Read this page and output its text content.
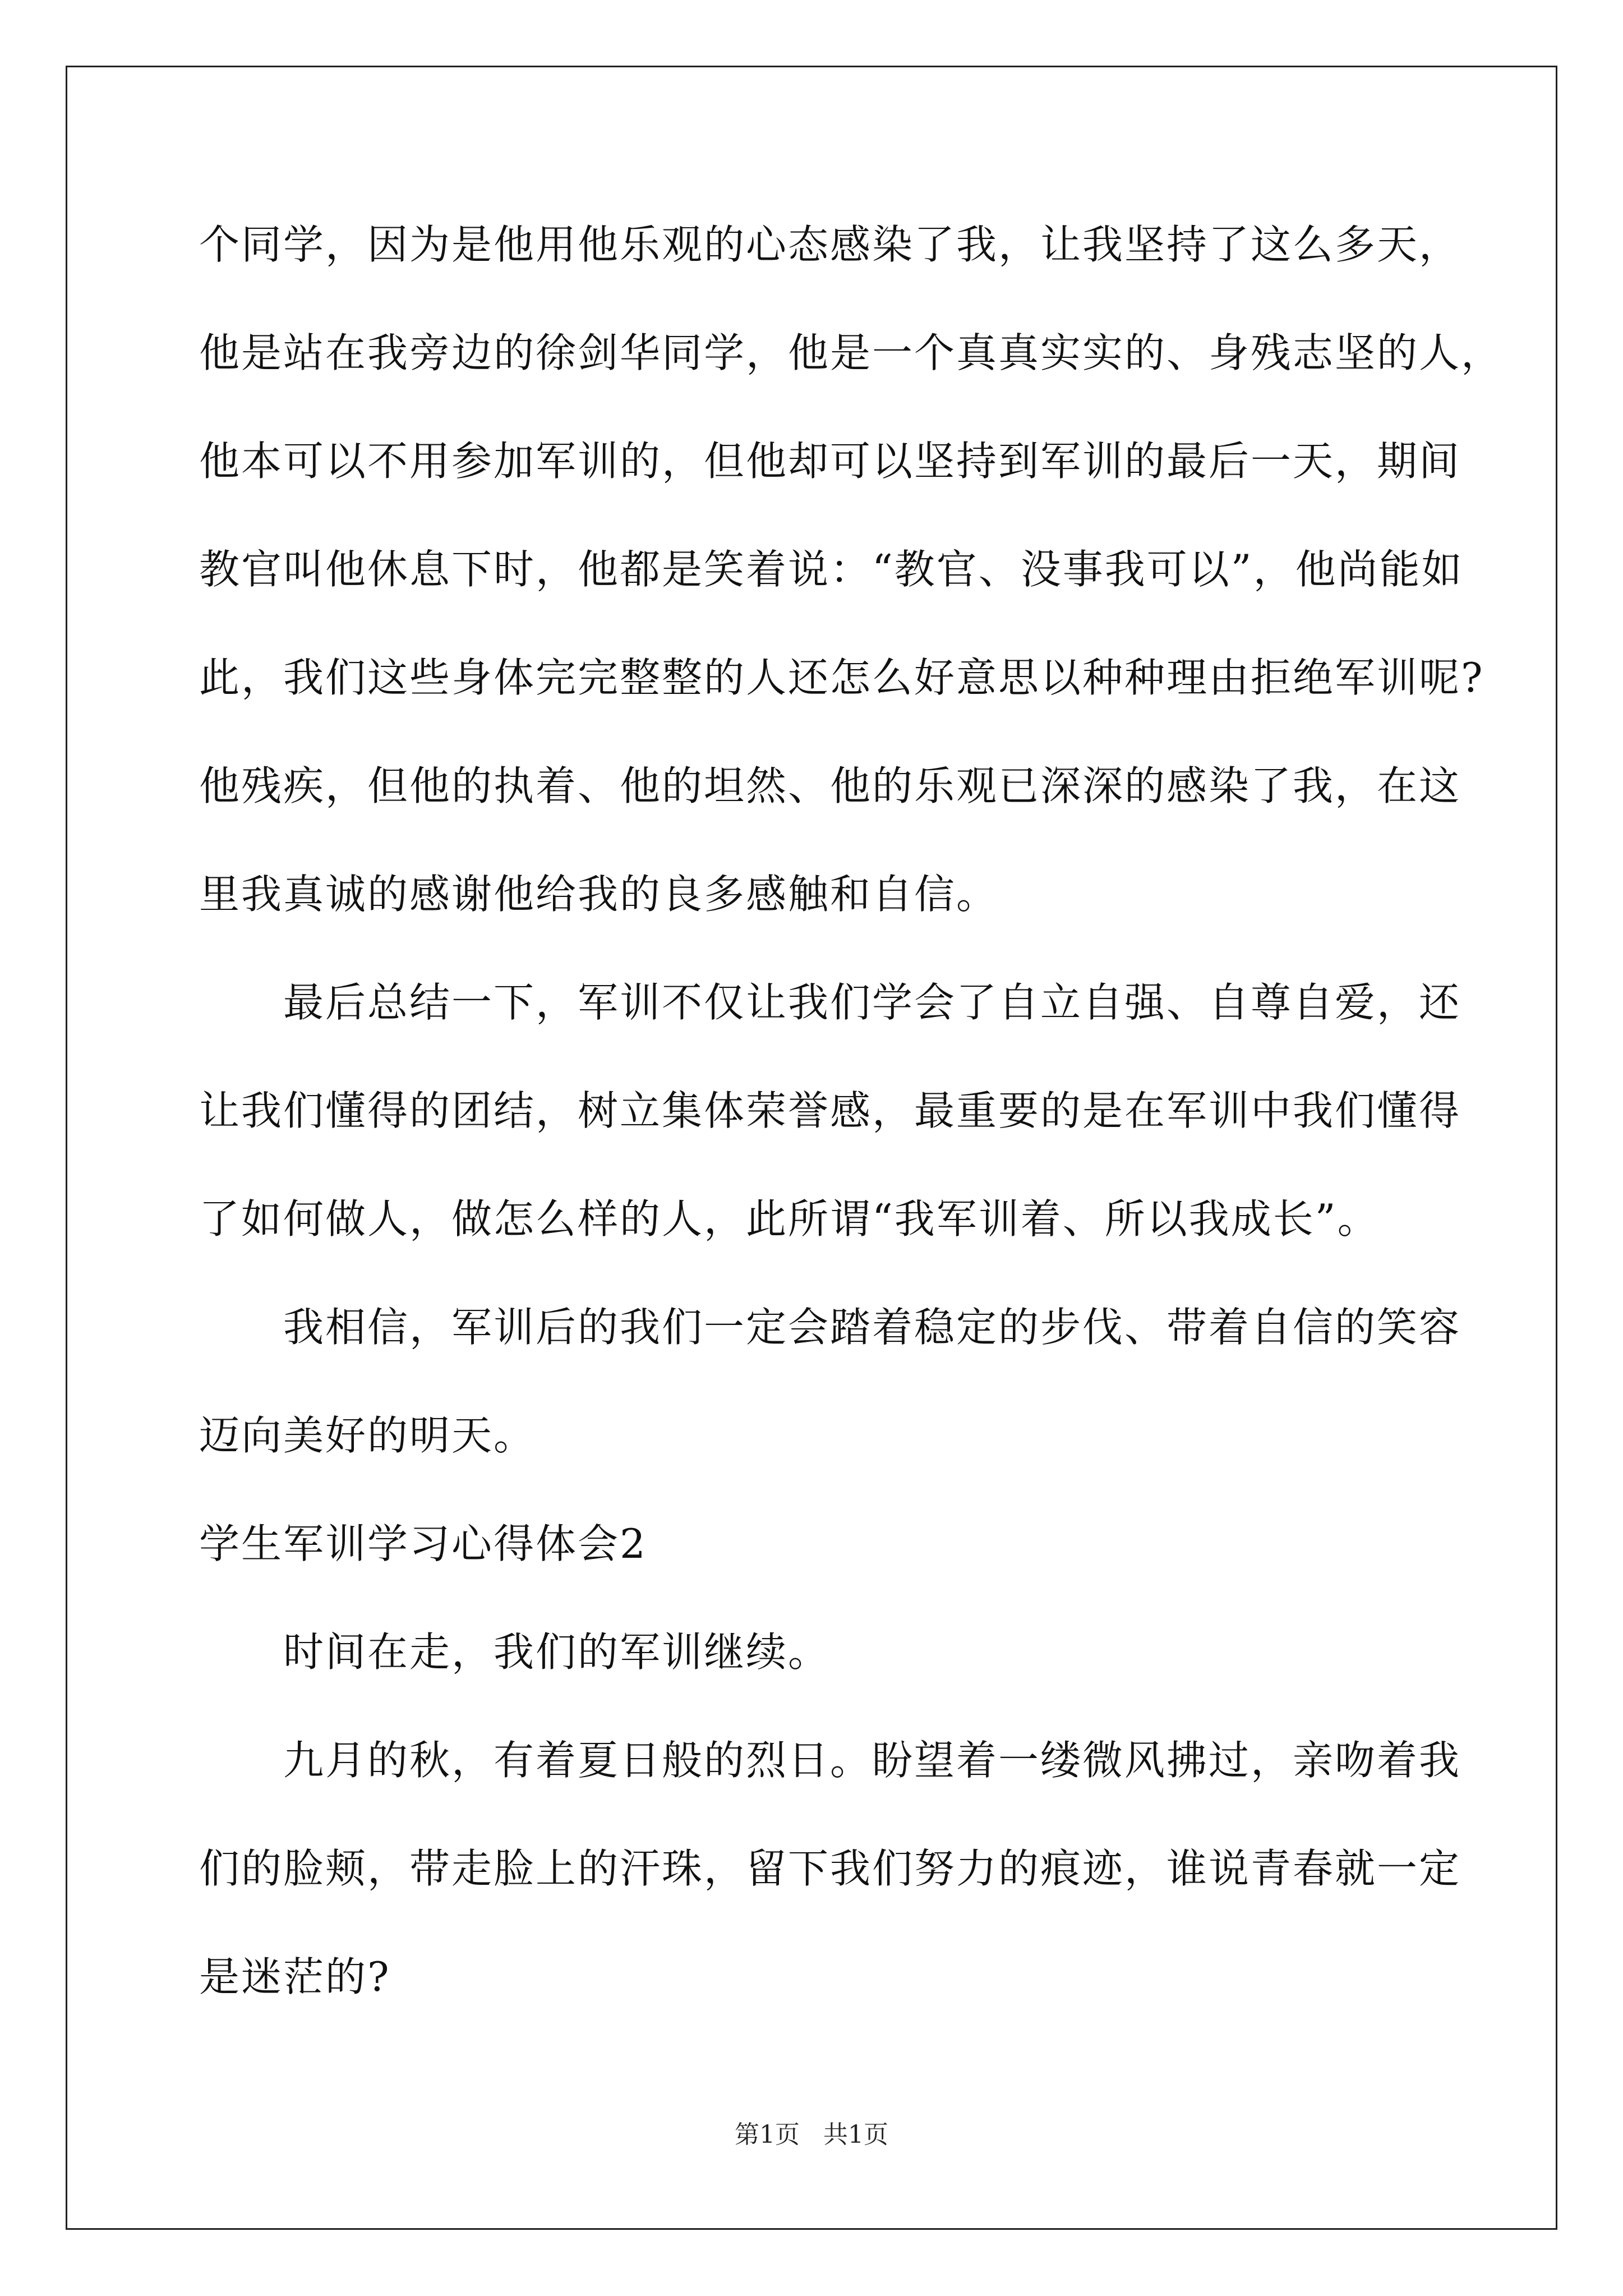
个同学，因为是他用他乐观的心态感染了我，让我坚持了这么多天，
他是站在我旁边的徐剑华同学，他是一个真真实实的、身残志坚的人，
他本可以不用参加军训的，但他却可以坚持到军训的最后一天，期间
教官叫他休息下时，他都是笑着说：“教官、没事我可以”，他尚能如
此，我们这些身体完完整整的人还怎么好意思以种种理由拒绝军训呢?
他残疾，但他的执着、他的坦然、他的乐观已深深的感染了我，在这
里我真诚的感谢他给我的良多感触和自信。
最后总结一下，军训不仅让我们学会了自立自强、自尊自爱，还
让我们懂得的团结，树立集体荣誉感，最重要的是在军训中我们懂得
了如何做人，做怎么样的人，此所谓“我军训着、所以我成长”。
我相信，军训后的我们一定会踏着稳定的步伐、带着自信的笑容
迈向美好的明天。
学生军训学习心得体会2
时间在走，我们的军训继续。
九月的秋，有着夏日般的烈日。盼望着一缕微风拂过，亲吻着我
们的脸颊，带走脸上的汗珠，留下我们努力的痕迹，谁说青春就一定
是迷茫的?
第1页 共1页
